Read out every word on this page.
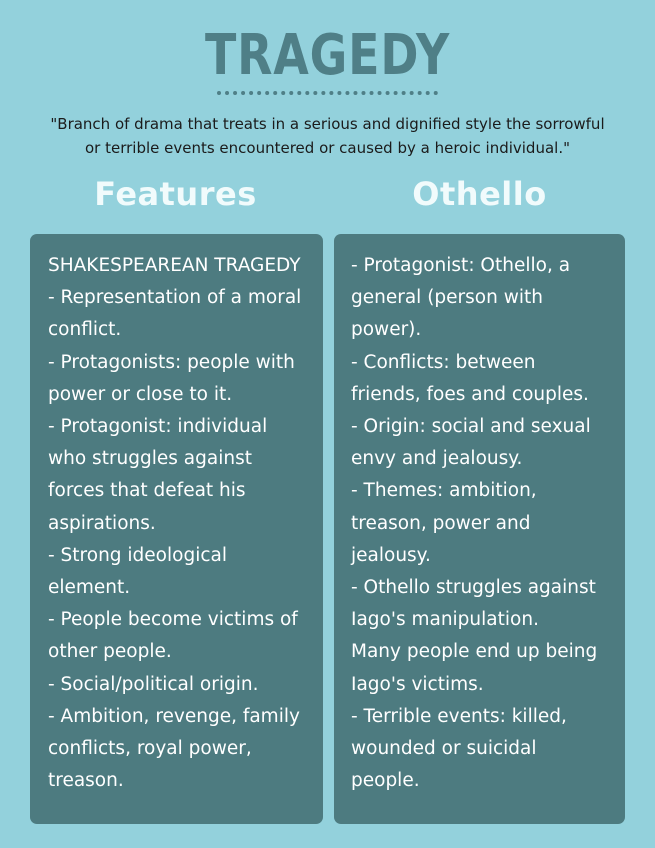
TRAGEDY
"Branch of drama that treats in a serious and dignified style the sorrowful
or terrible events encountered or caused by a heroic individual."
Features	Othello
SHAKESPEAREAN TRAGEDY
- Representation of a moral
conflict.
- Protagonists: people with
power or close to it.
- Protagonist: individual
who struggles against
forces that defeat his
aspirations.
- Strong ideological
element.
- People become victims of
other people.
- Social/political origin.
- Ambition, revenge, family
conflicts, royal power,
treason.
- Protagonist: Othello, a
general (person with
power).
- Conflicts: between
friends, foes and couples.
- Origin: social and sexual
envy and jealousy.
- Themes: ambition,
treason, power and
jealousy.
- Othello struggles against
Iago's manipulation.
Many people end up being
Iago's victims.
- Terrible events: killed,
wounded or suicidal
people.
